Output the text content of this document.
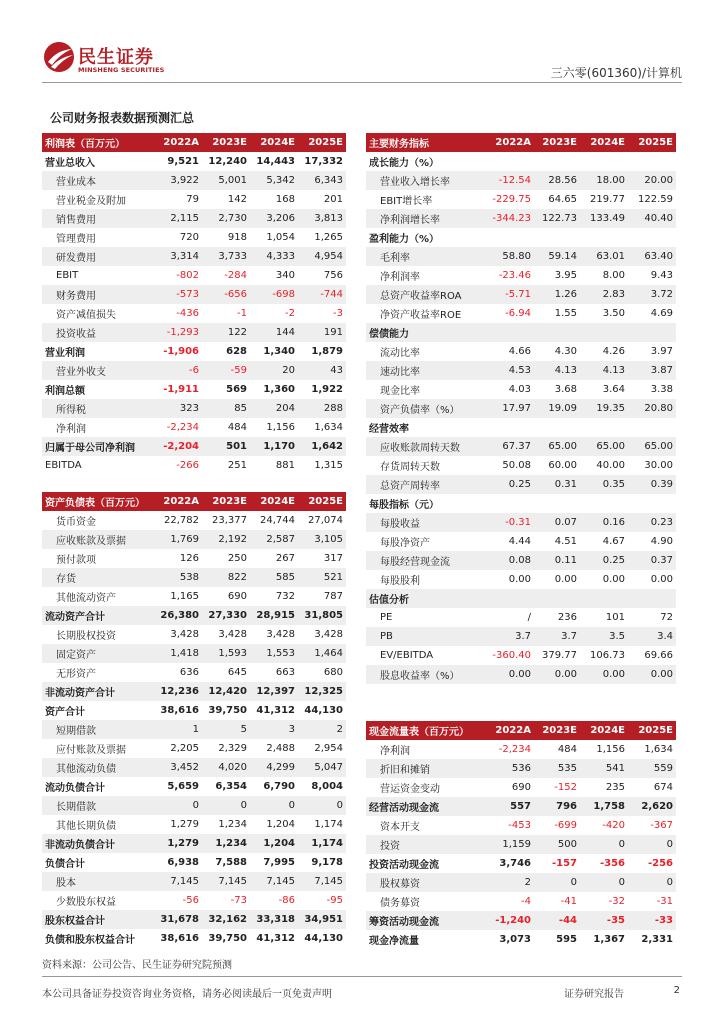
民生证券
MINSHENG SECURITIES	三六零(601360)/计算机
公司财务报表数据预测汇总
利润表（百万元）	2022A	2023E	2024E	2025E
营业总收入	9,521	12,240	14,443	17,332
营业成本	3,922	5,001	5,342	6,343
营业税金及附加	79	142	168	201
销售费用	2,115	2,730	3,206	3,813
管理费用	720	918	1,054	1,265
研发费用	3,314	3,733	4,333	4,954
EBIT	-802	-284	340	756
财务费用	-573	-656	-698	-744
资产减值损失	-436	-1	-2	-3
投资收益	-1,293	122	144	191
营业利润	-1,906	628	1,340	1,879
营业外收支	-6	-59	20	43
利润总额	-1,911	569	1,360	1,922
所得税	323	85	204	288
净利润	-2,234	484	1,156	1,634
归属于母公司净利润	-2,204	501	1,170	1,642
EBITDA	-266	251	881	1,315
主要财务指标	2022A	2023E	2024E	2025E
成长能力（%）				
营业收入增长率	-12.54	28.56	18.00	20.00
EBIT增长率	-229.75	64.65	219.77	122.59
净利润增长率	-344.23	122.73	133.49	40.40
盈利能力（%）				
毛利率	58.80	59.14	63.01	63.40
净利润率	-23.46	3.95	8.00	9.43
总资产收益率ROA	-5.71	1.26	2.83	3.72
净资产收益率ROE	-6.94	1.55	3.50	4.69
偿债能力				
流动比率	4.66	4.30	4.26	3.97
速动比率	4.53	4.13	4.13	3.87
现金比率	4.03	3.68	3.64	3.38
资产负债率（%）	17.97	19.09	19.35	20.80
经营效率				
应收账款周转天数	67.37	65.00	65.00	65.00
存货周转天数	50.08	60.00	40.00	30.00
总资产周转率	0.25	0.31	0.35	0.39
每股指标（元）				
每股收益	-0.31	0.07	0.16	0.23
每股净资产	4.44	4.51	4.67	4.90
每股经营现金流	0.08	0.11	0.25	0.37
每股股利	0.00	0.00	0.00	0.00
估值分析				
PE	/	236	101	72
PB	3.7	3.7	3.5	3.4
EV/EBITDA	-360.40	379.77	106.73	69.66
股息收益率（%）	0.00	0.00	0.00	0.00
资产负债表（百万元）	2022A	2023E	2024E	2025E
货币资金	22,782	23,377	24,744	27,074
应收账款及票据	1,769	2,192	2,587	3,105
预付款项	126	250	267	317
存货	538	822	585	521
其他流动资产	1,165	690	732	787
流动资产合计	26,380	27,330	28,915	31,805
长期股权投资	3,428	3,428	3,428	3,428
固定资产	1,418	1,593	1,553	1,464
无形资产	636	645	663	680
非流动资产合计	12,236	12,420	12,397	12,325
资产合计	38,616	39,750	41,312	44,130
短期借款	1	5	3	2
应付账款及票据	2,205	2,329	2,488	2,954
其他流动负债	3,452	4,020	4,299	5,047
流动负债合计	5,659	6,354	6,790	8,004
长期借款	0	0	0	0
其他长期负债	1,279	1,234	1,204	1,174
非流动负债合计	1,279	1,234	1,204	1,174
负债合计	6,938	7,588	7,995	9,178
股本	7,145	7,145	7,145	7,145
少数股东权益	-56	-73	-86	-95
股东权益合计	31,678	32,162	33,318	34,951
负债和股东权益合计	38,616	39,750	41,312	44,130
现金流量表（百万元）	2022A	2023E	2024E	2025E
净利润	-2,234	484	1,156	1,634
折旧和摊销	536	535	541	559
营运资金变动	690	-152	235	674
经营活动现金流	557	796	1,758	2,620
资本开支	-453	-699	-420	-367
投资	1,159	500	0	0
投资活动现金流	3,746	-157	-356	-256
股权募资	2	0	0	0
债务募资	-4	-41	-32	-31
筹资活动现金流	-1,240	-44	-35	-33
现金净流量	3,073	595	1,367	2,331
资料来源：公司公告、民生证券研究院预测
本公司具备证券投资咨询业务资格，请务必阅读最后一页免责声明	证券研究报告	2
